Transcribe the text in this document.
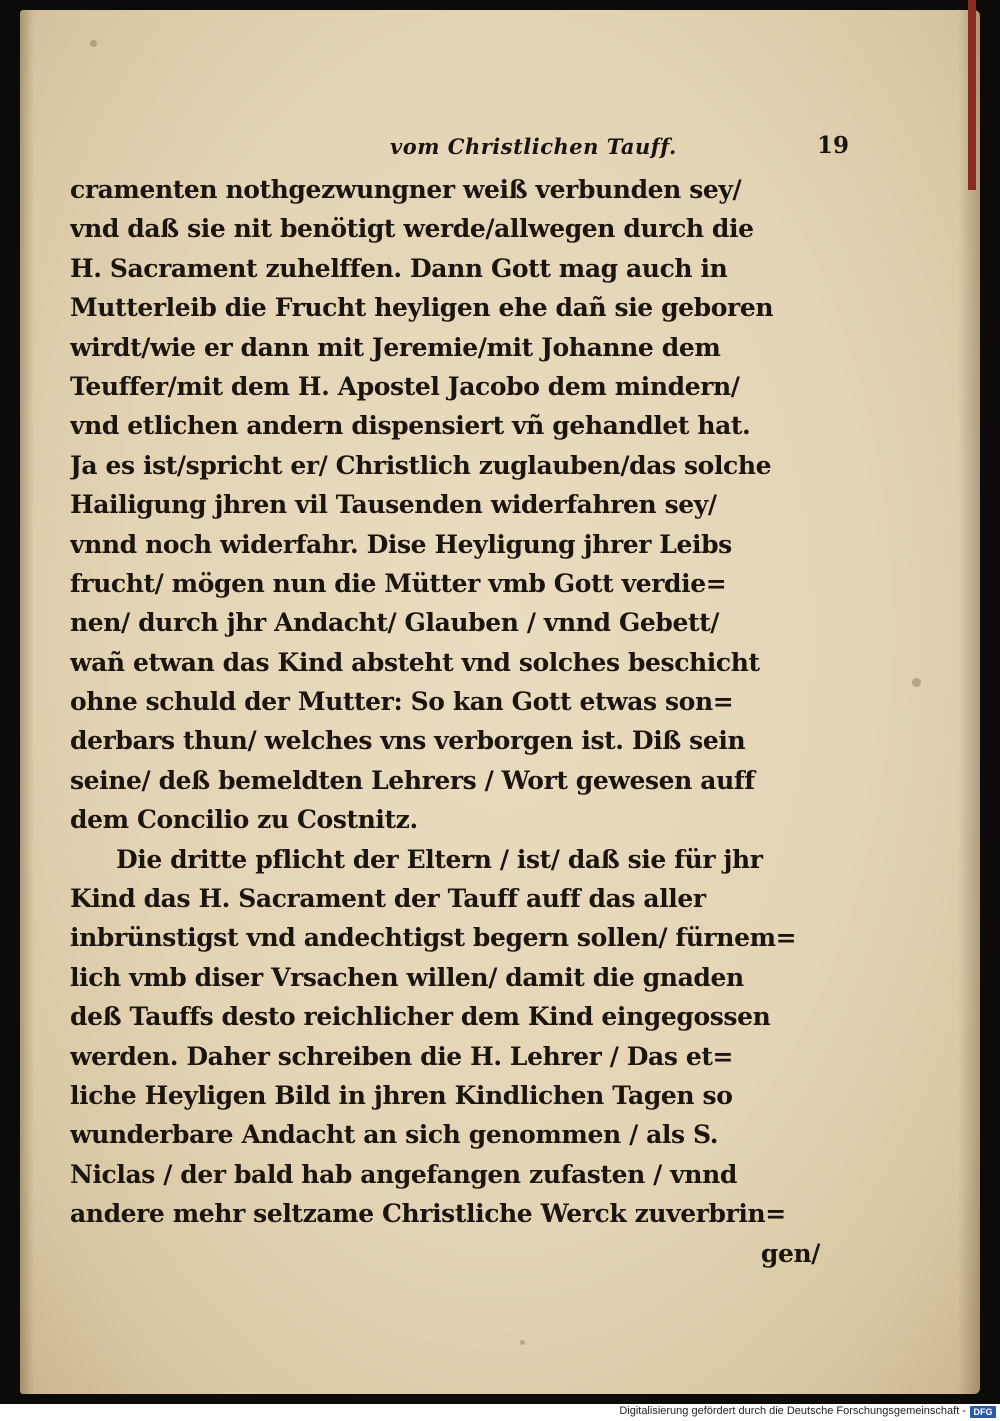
vom Christlichen Tauff.	19
cramenten nothgezwungner weiß verbunden sey/
vnd daß sie nit benötigt werde/allwegen durch die
H. Sacrament zuhelffen. Dann Gott mag auch in
Mutterleib die Frucht heyligen ehe dañ sie geboren
wirdt/wie er dann mit Jeremie/mit Johanne dem
Teuffer/mit dem H. Apostel Jacobo dem mindern/
vnd etlichen andern dispensiert vñ gehandlet hat.
Ja es ist/spricht er/ Christlich zuglauben/das solche
Hailigung jhren vil Tausenden widerfahren sey/
vnnd noch widerfahr. Dise Heyligung jhrer Leibs
frucht/ mögen nun die Mütter vmb Gott verdie=
nen/ durch jhr Andacht/ Glauben / vnnd Gebett/
wañ etwan das Kind absteht vnd solches beschicht
ohne schuld der Mutter: So kan Gott etwas son=
derbars thun/ welches vns verborgen ist. Diß sein
seine/ deß bemeldten Lehrers / Wort gewesen auff
dem Concilio zu Costnitz.
Die dritte pflicht der Eltern / ist/ daß sie für jhr
Kind das H. Sacrament der Tauff auff das aller
inbrünstigst vnd andechtigst begern sollen/ fürnem=
lich vmb diser Vrsachen willen/ damit die gnaden
deß Tauffs desto reichlicher dem Kind eingegossen
werden. Daher schreiben die H. Lehrer / Das et=
liche Heyligen Bild in jhren Kindlichen Tagen so
wunderbare Andacht an sich genommen / als S.
Niclas / der bald hab angefangen zufasten / vnnd
andere mehr seltzame Christliche Werck zuverbrin=
gen/
Digitalisierung gefördert durch die Deutsche Forschungsgemeinschaft - DFG
